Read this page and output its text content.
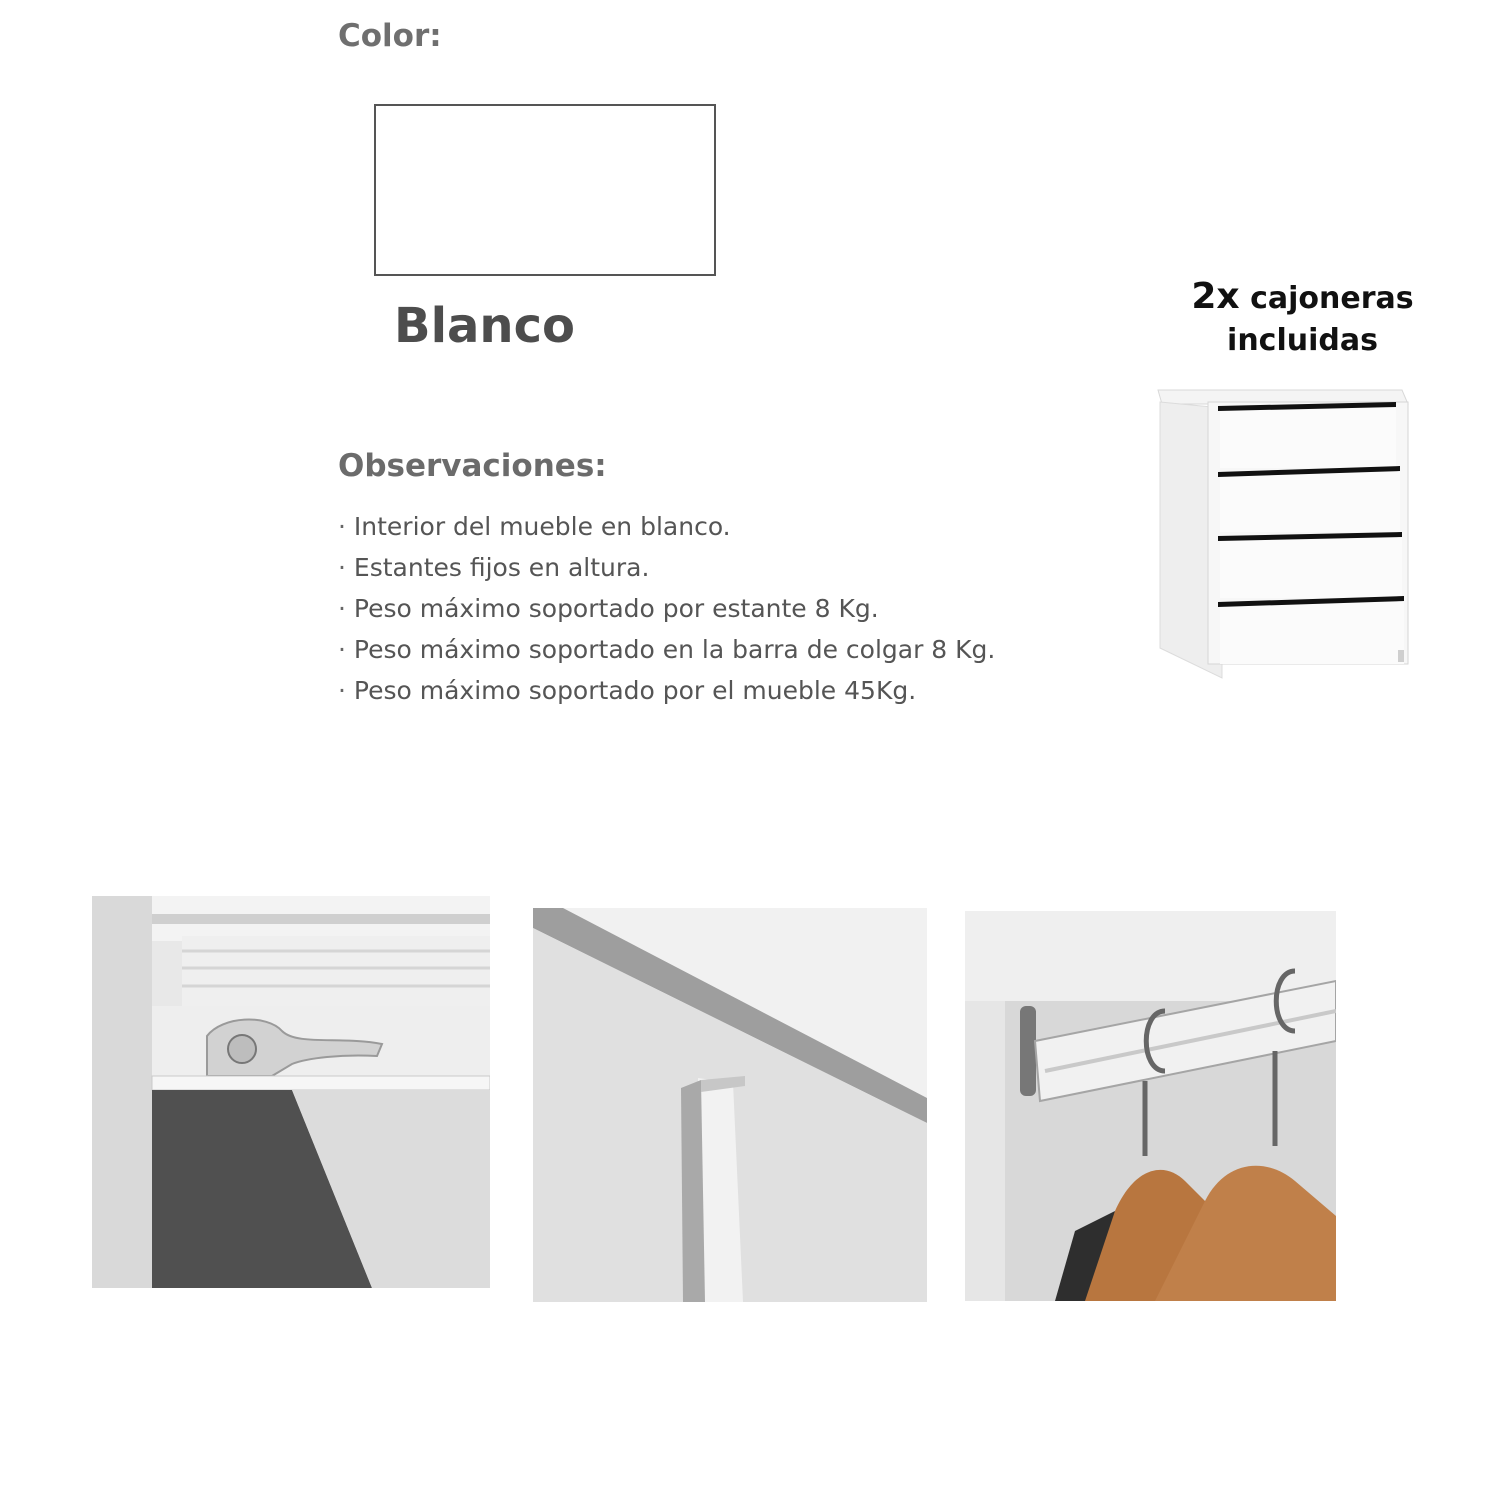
Color:
Blanco
Observaciones:
· Interior del mueble en blanco.
· Estantes fijos en altura.
· Peso máximo soportado por estante 8 Kg.
· Peso máximo soportado en la barra de colgar 8 Kg.
· Peso máximo soportado por el mueble 45Kg.
2x cajoneras
incluidas
